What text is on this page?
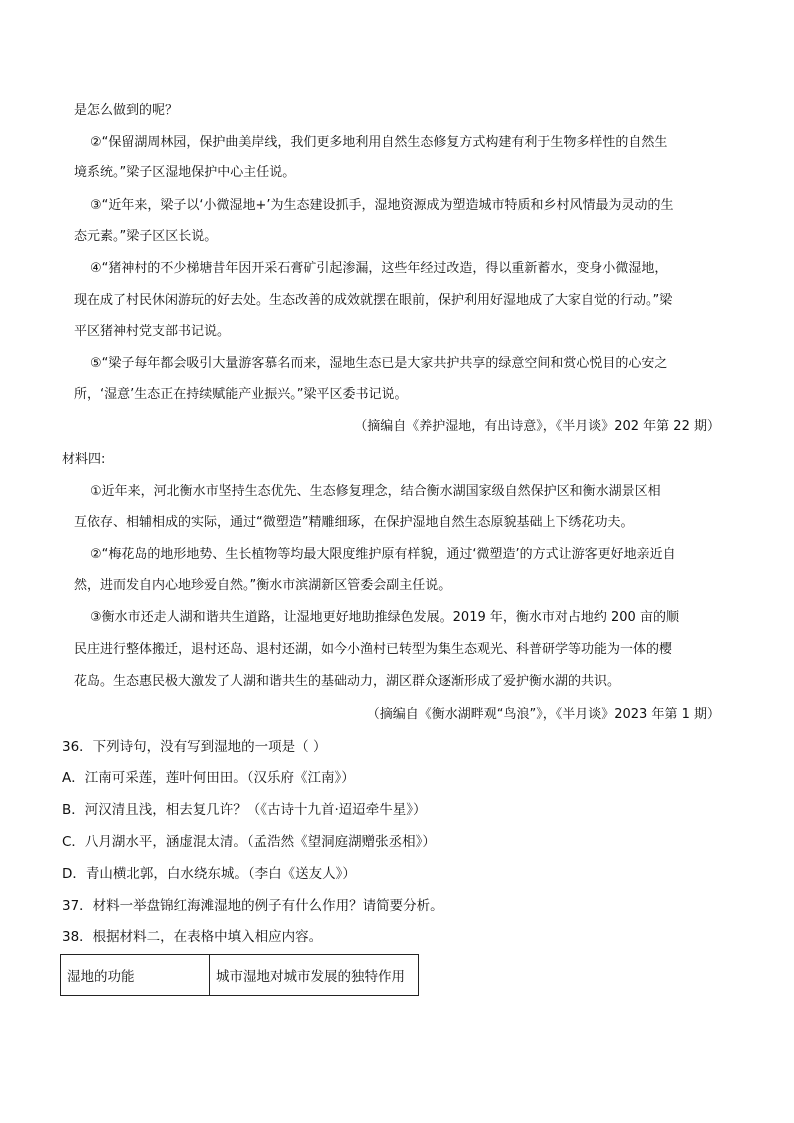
是怎么做到的呢？
②“保留湖周林园，保护曲美岸线，我们更多地利用自然生态修复方式构建有利于生物多样性的自然生
境系统。”梁子区湿地保护中心主任说。
③“近年来，梁子以‘小微湿地+’为生态建设抓手，湿地资源成为塑造城市特质和乡村风情最为灵动的生
态元素。”梁子区区长说。
④“猪神村的不少梯塘昔年因开采石膏矿引起渗漏，这些年经过改造，得以重新蓄水，变身小微湿地，
现在成了村民休闲游玩的好去处。生态改善的成效就摆在眼前，保护利用好湿地成了大家自觉的行动。”梁
平区猪神村党支部书记说。
⑤“梁子每年都会吸引大量游客慕名而来，湿地生态已是大家共护共享的绿意空间和赏心悦目的心安之
所，‘湿意’生态正在持续赋能产业振兴。”梁平区委书记说。
（摘编自《养护湿地，有出诗意》，《半月谈》202 年第 22 期）
材料四:
①近年来，河北衡水市坚持生态优先、生态修复理念，结合衡水湖国家级自然保护区和衡水湖景区相
互依存、相辅相成的实际，通过“微塑造”精雕细琢，在保护湿地自然生态原貌基础上下绣花功夫。
②“梅花岛的地形地势、生长植物等均最大限度维护原有样貌，通过‘微塑造’的方式让游客更好地亲近自
然，进而发自内心地珍爱自然。”衡水市滨湖新区管委会副主任说。
③衡水市还走人湖和谐共生道路，让湿地更好地助推绿色发展。2019 年，衡水市对占地约 200 亩的顺
民庄进行整体搬迁，退村还岛、退村还湖，如今小渔村已转型为集生态观光、科普研学等功能为一体的樱
花岛。生态惠民极大激发了人湖和谐共生的基础动力，湖区群众逐渐形成了爱护衡水湖的共识。
（摘编自《衡水湖畔观“鸟浪”》，《半月谈》2023 年第 1 期）
36．下列诗句，没有写到湿地的一项是（ ）
A．江南可采莲，莲叶何田田。（汉乐府《江南》）
B．河汉清且浅，相去复几许？（《古诗十九首·迢迢牵牛星》）
C．八月湖水平，涵虚混太清。（孟浩然《望洞庭湖赠张丞相》）
D．青山横北郭，白水绕东城。（李白《送友人》）
37．材料一举盘锦红海滩湿地的例子有什么作用？请简要分析。
38．根据材料二，在表格中填入相应内容。
湿地的功能	城市湿地对城市发展的独特作用
